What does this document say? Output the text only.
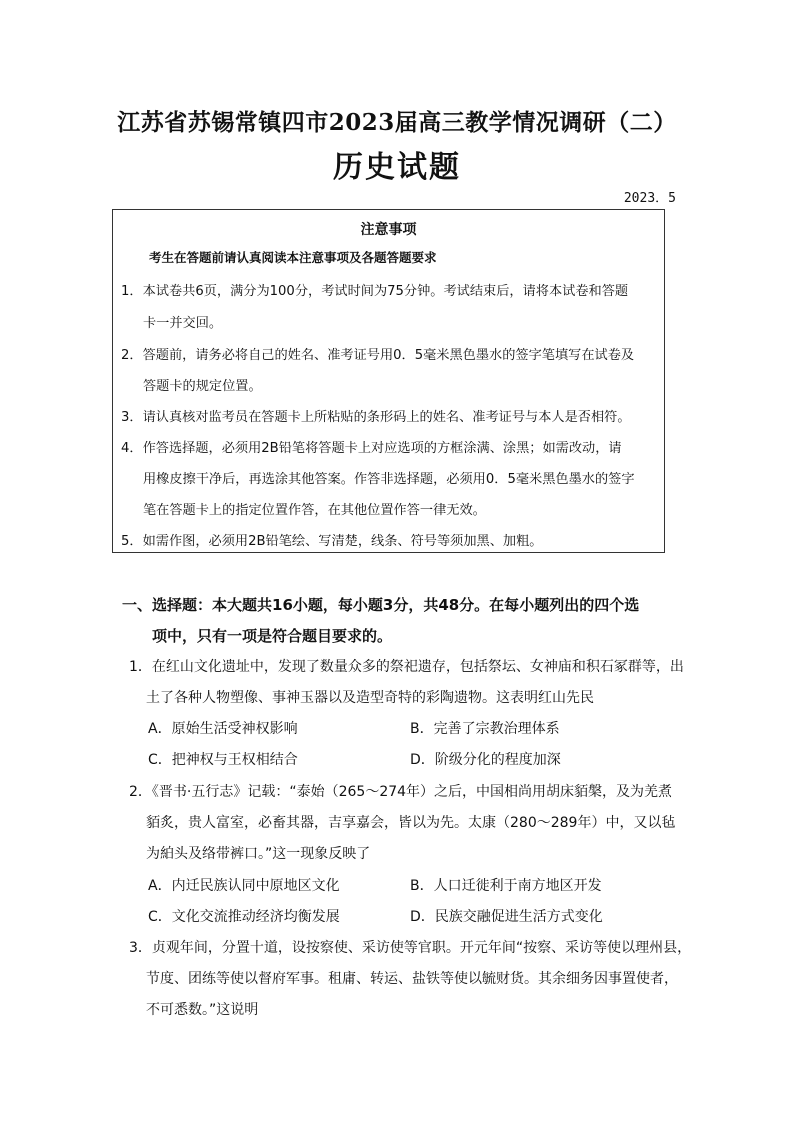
江苏省苏锡常镇四市2023届高三教学情况调研（二）
历史试题
2023．5
注意事项
考生在答题前请认真阅读本注意事项及各题答题要求
1．本试卷共6页，满分为100分，考试时间为75分钟。考试结束后，请将本试卷和答题
卡一并交回。
2．答题前，请务必将自己的姓名、准考证号用0．5毫米黑色墨水的签字笔填写在试卷及
答题卡的规定位置。
3．请认真核对监考员在答题卡上所粘贴的条形码上的姓名、准考证号与本人是否相符。
4．作答选择题，必须用2B铅笔将答题卡上对应选项的方框涂满、涂黑；如需改动，请
用橡皮擦干净后，再选涂其他答案。作答非选择题，必须用0．5毫米黑色墨水的签字
笔在答题卡上的指定位置作答，在其他位置作答一律无效。
5．如需作图，必须用2B铅笔绘、写清楚，线条、符号等须加黑、加粗。
一、选择题：本大题共16小题，每小题3分，共48分。在每小题列出的四个选
项中，只有一项是符合题目要求的。
1．在红山文化遗址中，发现了数量众多的祭祀遗存，包括祭坛、女神庙和积石冢群等，出
土了各种人物塑像、事神玉器以及造型奇特的彩陶遗物。这表明红山先民
A．原始生活受神权影响	B．完善了宗教治理体系
C．把神权与王权相结合	D．阶级分化的程度加深
2．《晋书·五行志》记载：“泰始（265～274年）之后，中国相尚用胡床貊槃，及为羌煮
貊炙，贵人富室，必畜其器，吉享嘉会，皆以为先。太康（280～289年）中，又以毡
为絈头及络带裤口。”这一现象反映了
A．内迁民族认同中原地区文化	B．人口迁徙利于南方地区开发
C．文化交流推动经济均衡发展	D．民族交融促进生活方式变化
3．贞观年间，分置十道，设按察使、采访使等官职。开元年间“按察、采访等使以理州县，
节度、团练等使以督府军事。租庸、转运、盐铁等使以毓财货。其余细务因事置使者，
不可悉数。”这说明
